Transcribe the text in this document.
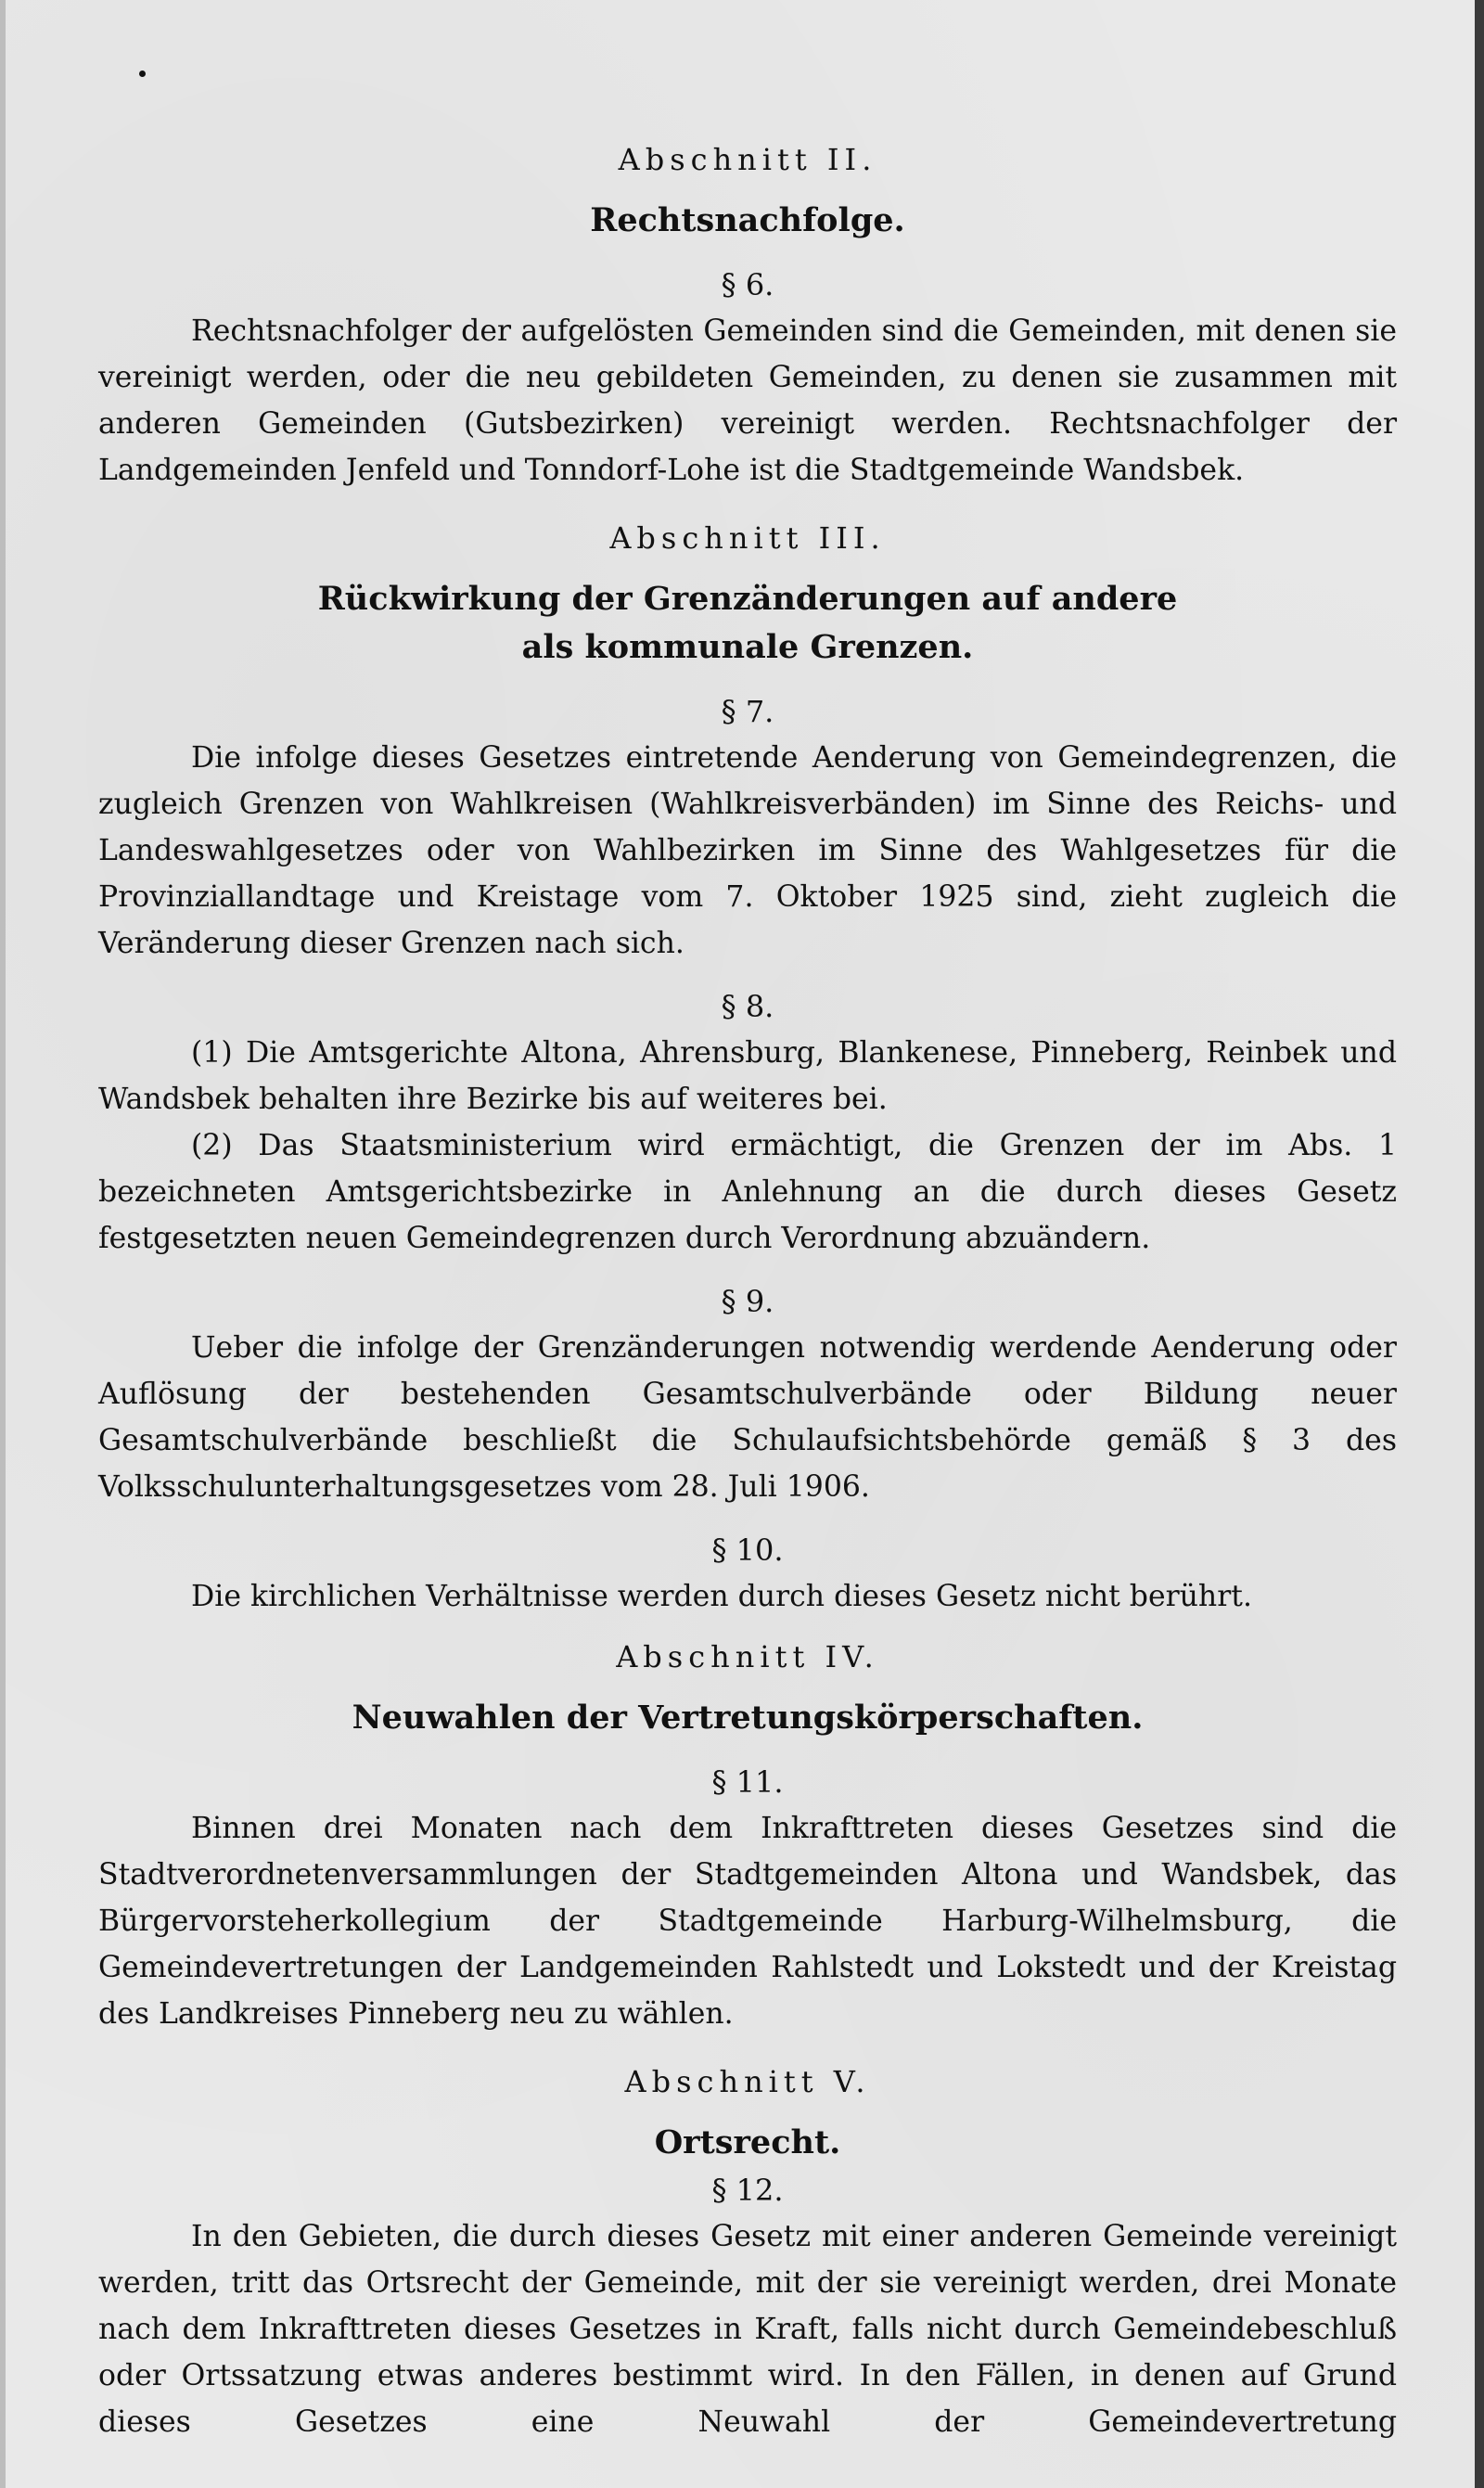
Abschnitt II.

Rechtsnachfolge.

§ 6.

Rechtsnachfolger der aufgelösten Gemeinden sind die Gemeinden, mit denen sie vereinigt werden, oder die neu gebildeten Gemeinden, zu denen sie zusammen mit anderen Gemeinden (Gutsbezirken) vereinigt werden. Rechtsnachfolger der Landgemeinden Jenfeld und Tonndorf-Lohe ist die Stadtgemeinde Wandsbek.

Abschnitt III.

Rückwirkung der Grenzänderungen auf andere

als kommunale Grenzen.

§ 7.

Die infolge dieses Gesetzes eintretende Aenderung von Gemeindegrenzen, die zugleich Grenzen von Wahlkreisen (Wahlkreisverbänden) im Sinne des Reichs- und Landeswahlgesetzes oder von Wahlbezirken im Sinne des Wahlgesetzes für die Provinziallandtage und Kreistage vom 7. Oktober 1925 sind, zieht zugleich die Veränderung dieser Grenzen nach sich.

§ 8.

(1) Die Amtsgerichte Altona, Ahrensburg, Blankenese, Pinneberg, Reinbek und Wandsbek behalten ihre Bezirke bis auf weiteres bei.

(2) Das Staatsministerium wird ermächtigt, die Grenzen der im Abs. 1 bezeichneten Amtsgerichtsbezirke in Anlehnung an die durch dieses Gesetz festgesetzten neuen Gemeindegrenzen durch Verordnung abzuändern.

§ 9.

Ueber die infolge der Grenzänderungen notwendig werdende Aenderung oder Auflösung der bestehenden Gesamtschulverbände oder Bildung neuer Gesamtschulverbände beschließt die Schulaufsichtsbehörde gemäß § 3 des Volksschulunterhaltungsgesetzes vom 28. Juli 1906.

§ 10.

Die kirchlichen Verhältnisse werden durch dieses Gesetz nicht berührt.

Abschnitt IV.

Neuwahlen der Vertretungskörperschaften.

§ 11.

Binnen drei Monaten nach dem Inkrafttreten dieses Gesetzes sind die Stadtverordnetenversammlungen der Stadtgemeinden Altona und Wandsbek, das Bürgervorsteherkollegium der Stadtgemeinde Harburg-Wilhelmsburg, die Gemeindevertretungen der Landgemeinden Rahlstedt und Lokstedt und der Kreistag des Landkreises Pinneberg neu zu wählen.

Abschnitt V.

Ortsrecht.

§ 12.

In den Gebieten, die durch dieses Gesetz mit einer anderen Gemeinde vereinigt werden, tritt das Ortsrecht der Gemeinde, mit der sie vereinigt werden, drei Monate nach dem Inkrafttreten dieses Gesetzes in Kraft, falls nicht durch Gemeindebeschluß oder Ortssatzung etwas anderes bestimmt wird. In den Fällen, in denen auf Grund dieses Gesetzes eine Neuwahl der Gemeindevertretung
